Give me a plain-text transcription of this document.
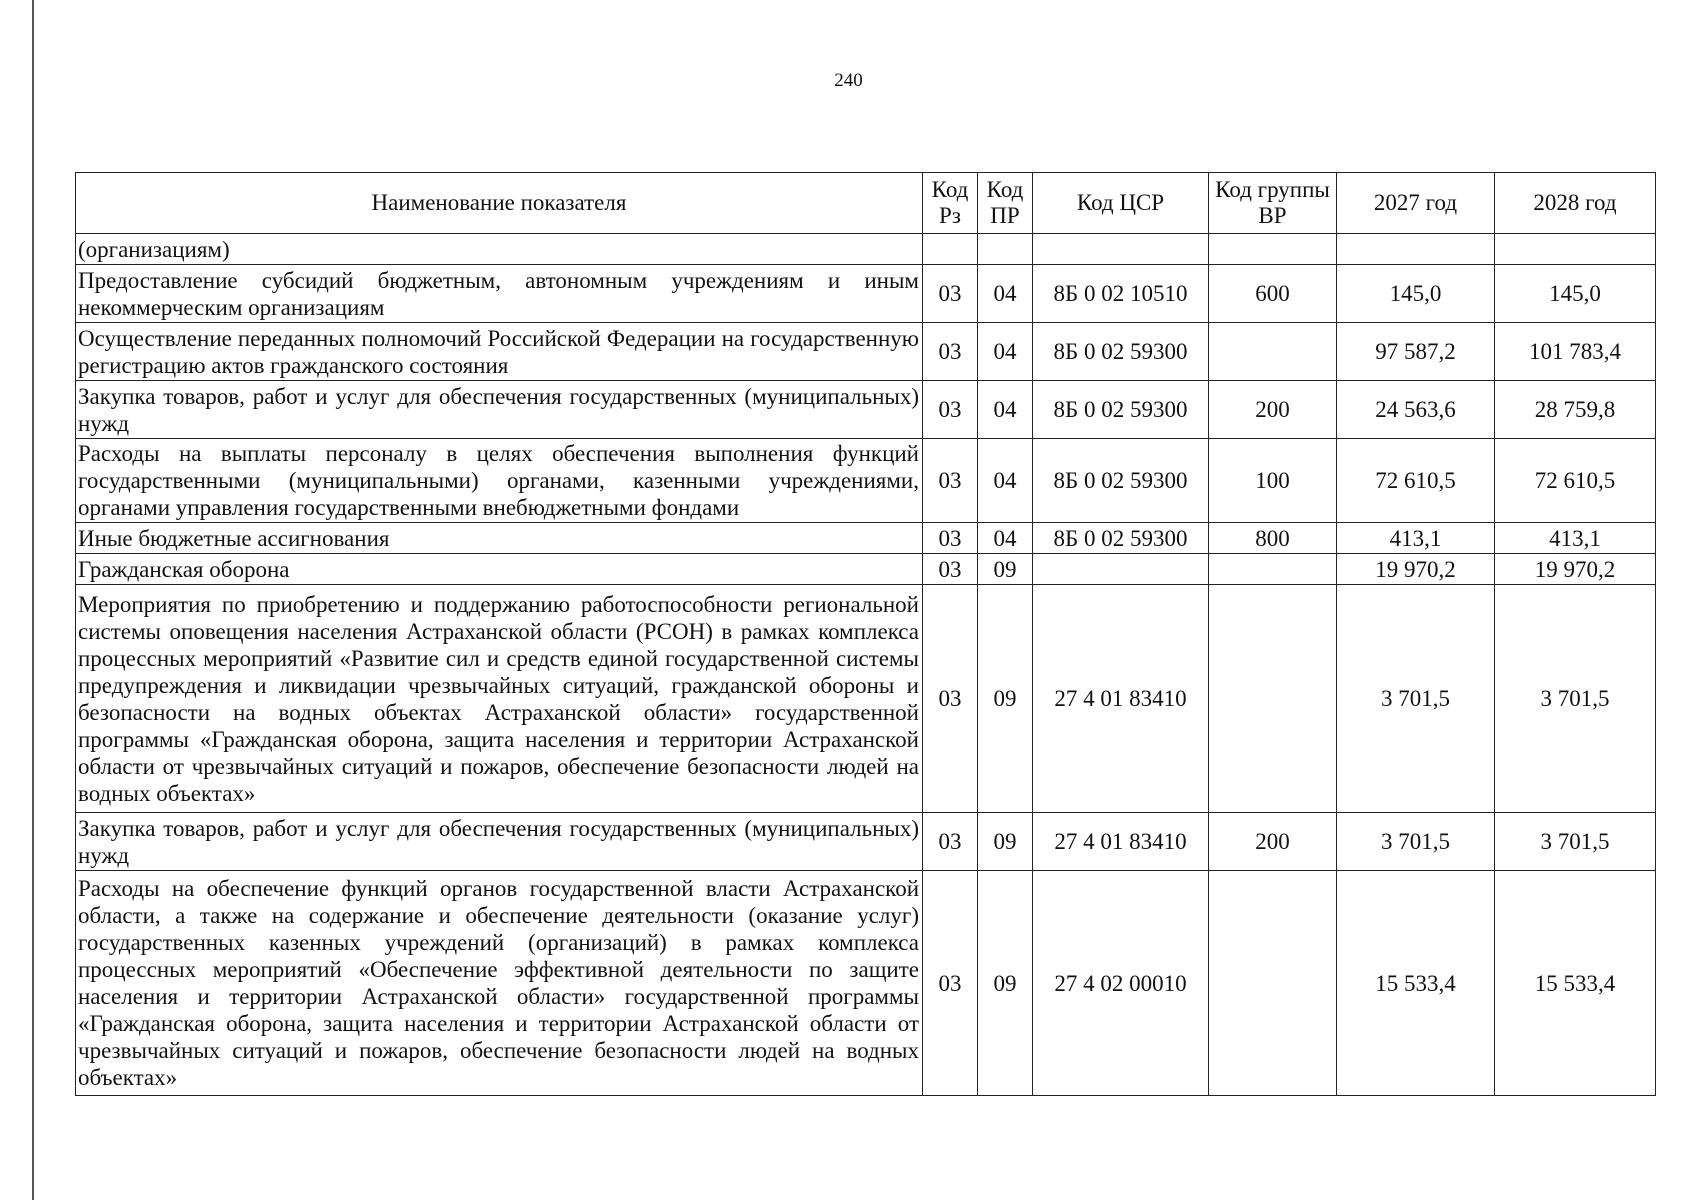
240
Наименование показателя	Код Рз	Код ПР	Код ЦСР	Код группы ВР	2027 год	2028 год
(организациям)						
Предоставление субсидий бюджетным, автономным учреждениям и иным некоммерческим организациям	03	04	8Б 0 02 10510	600	145,0	145,0
Осуществление переданных полномочий Российской Федерации на государственную регистрацию актов гражданского состояния	03	04	8Б 0 02 59300		97 587,2	101 783,4
Закупка товаров, работ и услуг для обеспечения государственных (муниципальных) нужд	03	04	8Б 0 02 59300	200	24 563,6	28 759,8
Расходы на выплаты персоналу в целях обеспечения выполнения функций государственными (муниципальными) органами, казенными учреждениями, органами управления государственными внебюджетными фондами	03	04	8Б 0 02 59300	100	72 610,5	72 610,5
Иные бюджетные ассигнования	03	04	8Б 0 02 59300	800	413,1	413,1
Гражданская оборона	03	09			19 970,2	19 970,2
Мероприятия по приобретению и поддержанию работоспособности региональной системы оповещения населения Астраханской области (РСОН) в рамках комплекса процессных мероприятий «Развитие сил и средств единой государственной системы предупреждения и ликвидации чрезвычайных ситуаций, гражданской обороны и безопасности на водных объектах Астраханской области» государственной программы «Гражданская оборона, защита населения и территории Астраханской области от чрезвычайных ситуаций и пожаров, обеспечение безопасности людей на водных объектах»	03	09	27 4 01 83410		3 701,5	3 701,5
Закупка товаров, работ и услуг для обеспечения государственных (муниципальных) нужд	03	09	27 4 01 83410	200	3 701,5	3 701,5
Расходы на обеспечение функций органов государственной власти Астраханской области, а также на содержание и обеспечение деятельности (оказание услуг) государственных казенных учреждений (организаций) в рамках комплекса процессных мероприятий «Обеспечение эффективной деятельности по защите населения и территории Астраханской области» государственной программы «Гражданская оборона, защита населения и территории Астраханской области от чрезвычайных ситуаций и пожаров, обеспечение безопасности людей на водных объектах»	03	09	27 4 02 00010		15 533,4	15 533,4
